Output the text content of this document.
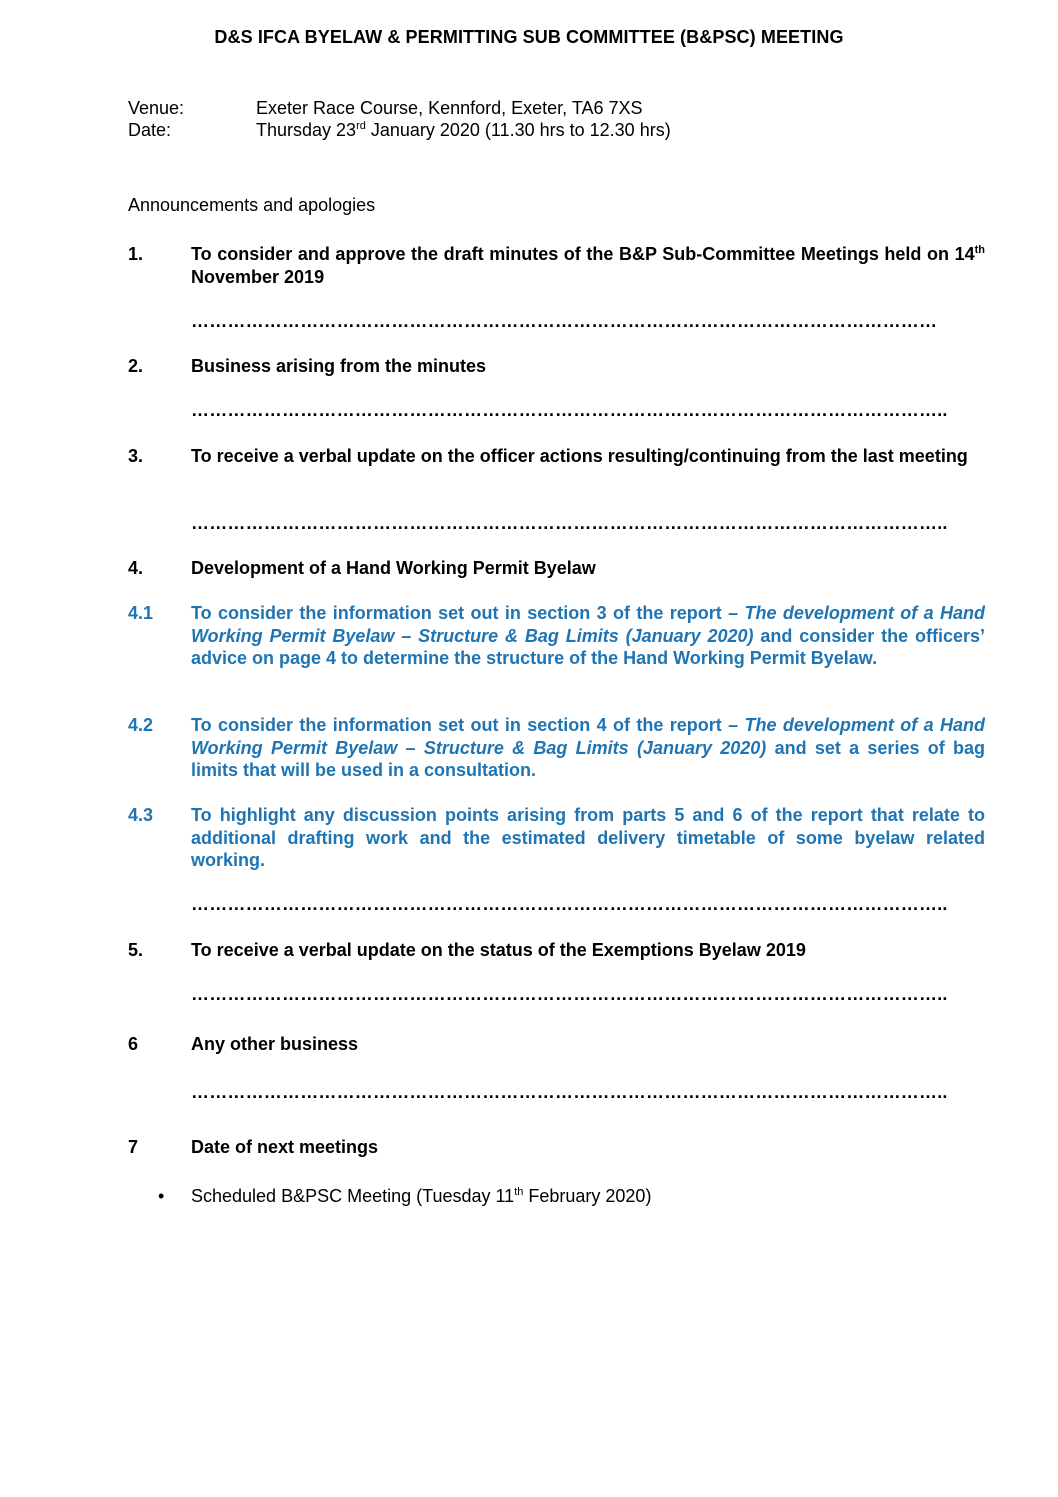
D&S IFCA BYELAW & PERMITTING SUB COMMITTEE (B&PSC) MEETING
Venue:	Exeter Race Course, Kennford, Exeter, TA6 7XS
Date:	Thursday 23rd January 2020 (11.30 hrs to 12.30 hrs)
Announcements and apologies
1.	To consider and approve the draft minutes of the B&P Sub-Committee Meetings held on 14th November 2019
……………………………………………………………………………………………………………
2.	Business arising from the minutes
……………………………………………………………………………………………………………..
3.	To receive a verbal update on the officer actions resulting/continuing from the last meeting
……………………………………………………………………………………………………………..
4.	Development of a Hand Working Permit Byelaw
4.1 To consider the information set out in section 3 of the report – The development of a Hand Working Permit Byelaw – Structure & Bag Limits (January 2020) and consider the officers’ advice on page 4 to determine the structure of the Hand Working Permit Byelaw.
4.2 To consider the information set out in section 4 of the report – The development of a Hand Working Permit Byelaw – Structure & Bag Limits (January 2020) and set a series of bag limits that will be used in a consultation.
4.3 To highlight any discussion points arising from parts 5 and 6 of the report that relate to additional drafting work and the estimated delivery timetable of some byelaw related working.
……………………………………………………………………………………………………………..
5.	To receive a verbal update on the status of the Exemptions Byelaw 2019
……………………………………………………………………………………………………………..
6	Any other business
……………………………………………………………………………………………………………..
7	Date of next meetings
• Scheduled B&PSC Meeting (Tuesday 11th February 2020)
